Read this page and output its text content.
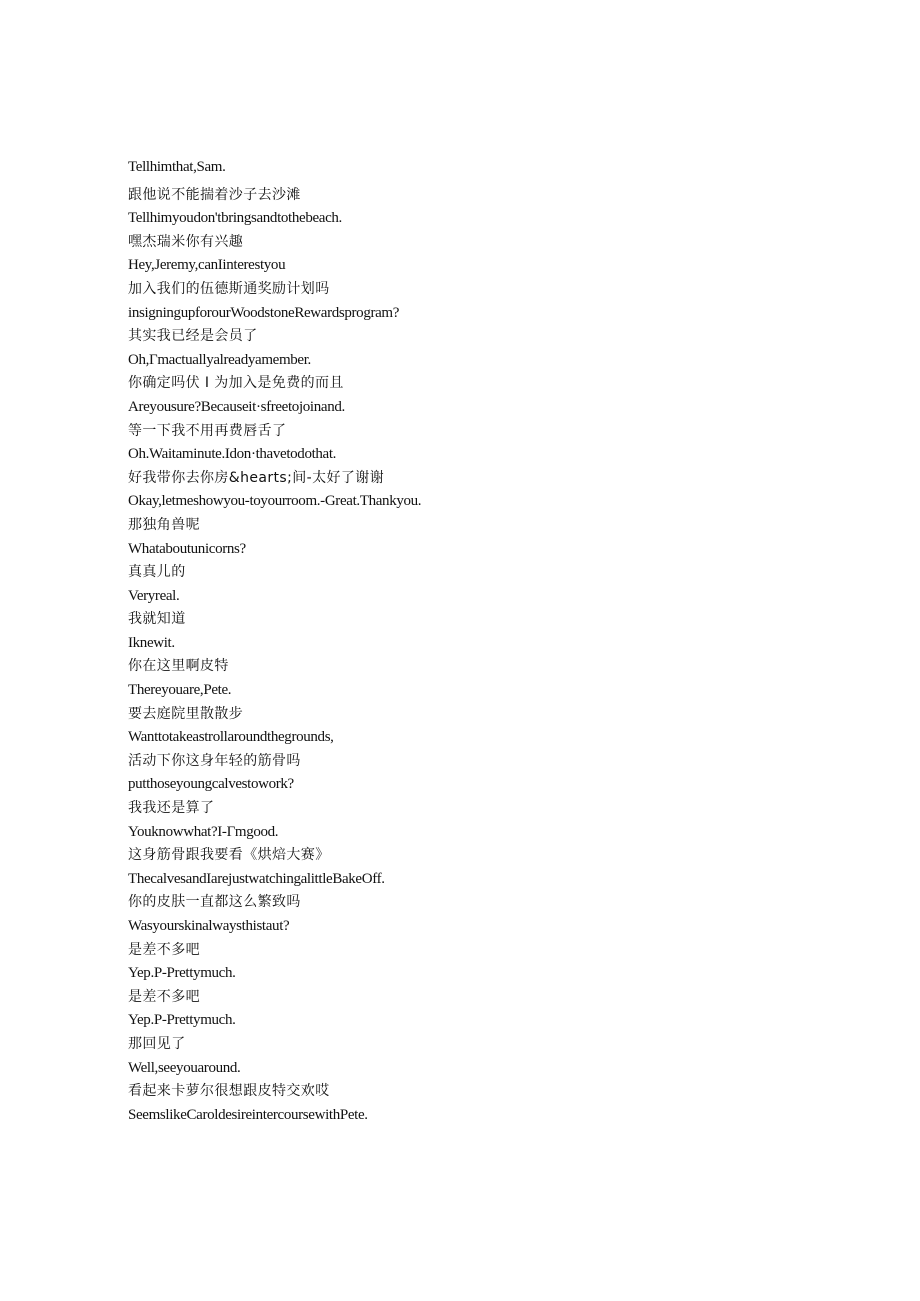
Tellhimthat,Sam.
跟他说不能揣着沙子去沙滩
Tellhimyoudon'tbringsandtothebeach.
嘿杰瑞米你有兴趣
Hey,Jeremy,canIinterestyou
加入我们的伍德斯通奖励计划吗
insigningupforourWoodstoneRewardsprogram?
其实我已经是会员了
Oh,Γmactuallyalreadyamember.
你确定吗伏 I 为加入是免费的而且
Areyousure?Becauseit·sfreetojoinand.
等一下我不用再费唇舌了
Oh.Waitaminute.Idon·thavetodothat.
好我带你去你房&hearts;间-太好了谢谢
Okay,letmeshowyou-toyourroom.-Great.Thankyou.
那独角兽呢
Whataboutunicorns?
真真儿的
Veryreal.
我就知道
Iknewit.
你在这里啊皮特
Thereyouare,Pete.
要去庭院里散散步
Wanttotakeastrollaroundthegrounds,
活动下你这身年轻的筋骨吗
putthoseyoungcalvestowork?
我我还是算了
Youknowwhat?I-Γmgood.
这身筋骨跟我要看《烘焙大赛》
ThecalvesandIarejustwatchingalittleBakeOff.
你的皮肤一直都这么繁致吗
Wasyourskinalwaysthistaut?
是差不多吧
Yep.P-Prettymuch.
是差不多吧
Yep.P-Prettymuch.
那回见了
Well,seeyouaround.
看起来卡萝尔很想跟皮特交欢哎
SeemslikeCaroldesireintercoursewithPete.
